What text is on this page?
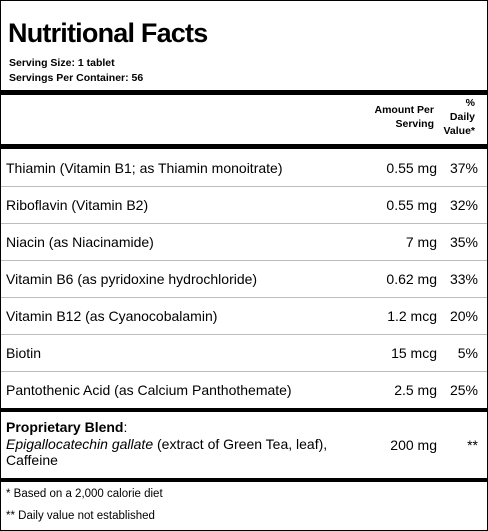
Nutritional Facts
Serving Size: 1 tablet
Servings Per Container: 56
Amount Per
Serving
%
Daily
Value*
Thiamin (Vitamin B1; as Thiamin monoitrate)	0.55 mg 37%
Riboflavin (Vitamin B2)	0.55 mg 32%
Niacin (as Niacinamide)	7 mg 35%
Vitamin B6 (as pyridoxine hydrochloride)	0.62 mg 33%
Vitamin B12 (as Cyanocobalamin)	1.2 mcg 20%
Biotin	15 mcg 5%
Pantothenic Acid (as Calcium Panthothemate)	2.5 mg 25%
Proprietary Blend:
Epigallocatechin gallate (extract of Green Tea, leaf), Caffeine
200 mg **
* Based on a 2,000 calorie diet
** Daily value not established
